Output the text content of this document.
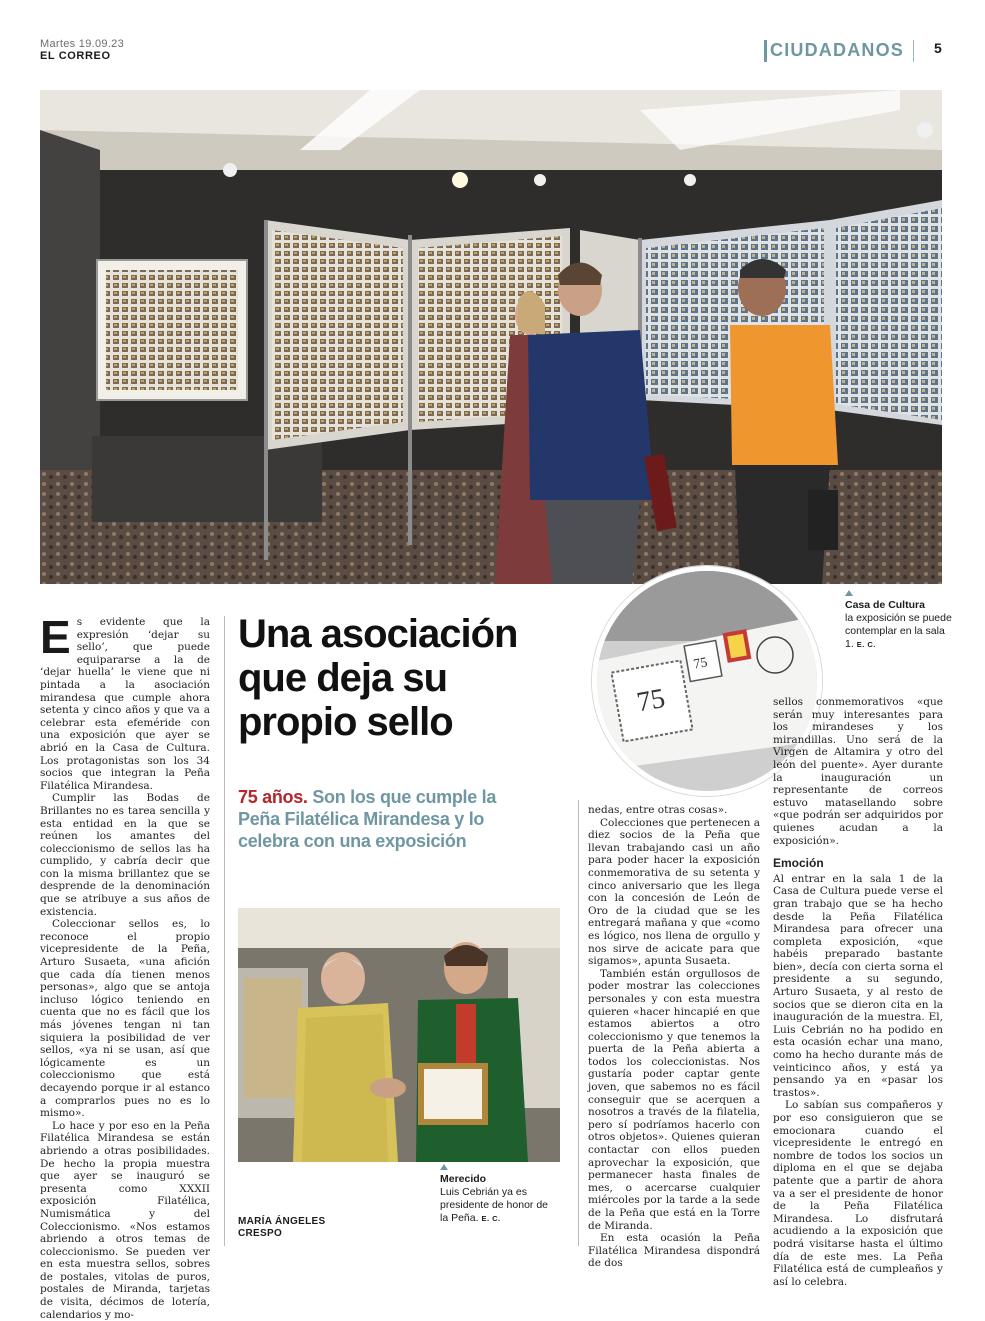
Martes 19.09.23
EL CORREO	CIUDADANOS 5
75
75
Casa de Cultura
la exposición se puede contemplar en la sala 1. E. C.
Una asociación que deja su propio sello
75 años. Son los que cumple la Peña Filatélica Mirandesa y lo celebra con una exposición
E s evidente que la expresión ‘dejar su sello’, que puede equipararse a la de ‘dejar huella’ le viene que ni pintada a la asociación mirandesa que cumple ahora setenta y cinco años y que va a celebrar esta efeméride con una exposición que ayer se abrió en la Casa de Cultura. Los protagonistas son los 34 socios que integran la Peña Filatélica Mirandesa.

Cumplir las Bodas de Brillantes no es tarea sencilla y esta entidad en la que se reúnen los amantes del coleccionismo de sellos las ha cumplido, y cabría decir que con la misma brillantez que se desprende de la denominación que se atribuye a sus años de existencia.

Coleccionar sellos es, lo reconoce el propio vicepresidente de la Peña, Arturo Susaeta, «una afición que cada día tienen menos personas», algo que se antoja incluso lógico teniendo en cuenta que no es fácil que los más jóvenes tengan ni tan siquiera la posibilidad de ver sellos, «ya ni se usan, así que lógicamente es un coleccionismo que está decayendo porque ir al estanco a comprarlos pues no es lo mismo».

Lo hace y por eso en la Peña Filatélica Mirandesa se están abriendo a otras posibilidades. De hecho la propia muestra que ayer se inauguró se presenta como XXXII exposición Filatélica, Numismática y del Coleccionismo. «Nos estamos abriendo a otros temas de coleccionismo. Se pueden ver en esta muestra sellos, sobres de postales, vitolas de puros, postales de Miranda, tarjetas de visita, décimos de lotería, calendarios y mo-

Merecido
Luis Cebrián ya es presidente de honor de la Peña. E. C.
MARÍA ÁNGELES
CRESPO

nedas, entre otras cosas».

Colecciones que pertenecen a diez socios de la Peña que llevan trabajando casi un año para poder hacer la exposición conmemorativa de su setenta y cinco aniversario que les llega con la concesión de León de Oro de la ciudad que se les entregará mañana y que «como es lógico, nos llena de orgullo y nos sirve de acicate para que sigamos», apunta Susaeta.

También están orgullosos de poder mostrar las colecciones personales y con esta muestra quieren «hacer hincapié en que estamos abiertos a otro coleccionismo y que tenemos la puerta de la Peña abierta a todos los coleccionistas. Nos gustaría poder captar gente joven, que sabemos no es fácil conseguir que se acerquen a nosotros a través de la filatelia, pero sí podríamos hacerlo con otros objetos». Quienes quieran contactar con ellos pueden aprovechar la exposición, que permanecer hasta finales de mes, o acercarse cualquier miércoles por la tarde a la sede de la Peña que está en la Torre de Miranda.

En esta ocasión la Peña Filatélica Mirandesa dispondrá de dos

sellos conmemorativos «que serán muy interesantes para los mirandeses y los mirandillas. Uno será de la Virgen de Altamira y otro del león del puente». Ayer durante la inauguración un representante de correos estuvo matasellando sobre «que podrán ser adquiridos por quienes acudan a la exposición».

Emoción

Al entrar en la sala 1 de la Casa de Cultura puede verse el gran trabajo que se ha hecho desde la Peña Filatélica Mirandesa para ofrecer una completa exposición, «que habéis preparado bastante bien», decía con cierta sorna el presidente a su segundo, Arturo Susaeta, y al resto de socios que se dieron cita en la inauguración de la muestra. El, Luis Cebrián no ha podido en esta ocasión echar una mano, como ha hecho durante más de veinticinco años, y está ya pensando ya en «pasar los trastos».

Lo sabían sus compañeros y por eso consiguieron que se emocionara cuando el vicepresidente le entregó en nombre de todos los socios un diploma en el que se dejaba patente que a partir de ahora va a ser el presidente de honor de la Peña Filatélica Mirandesa. Lo disfrutará acudiendo a la exposición que podrá visitarse hasta el último día de este mes. La Peña Filatélica está de cumpleaños y así lo celebra.
